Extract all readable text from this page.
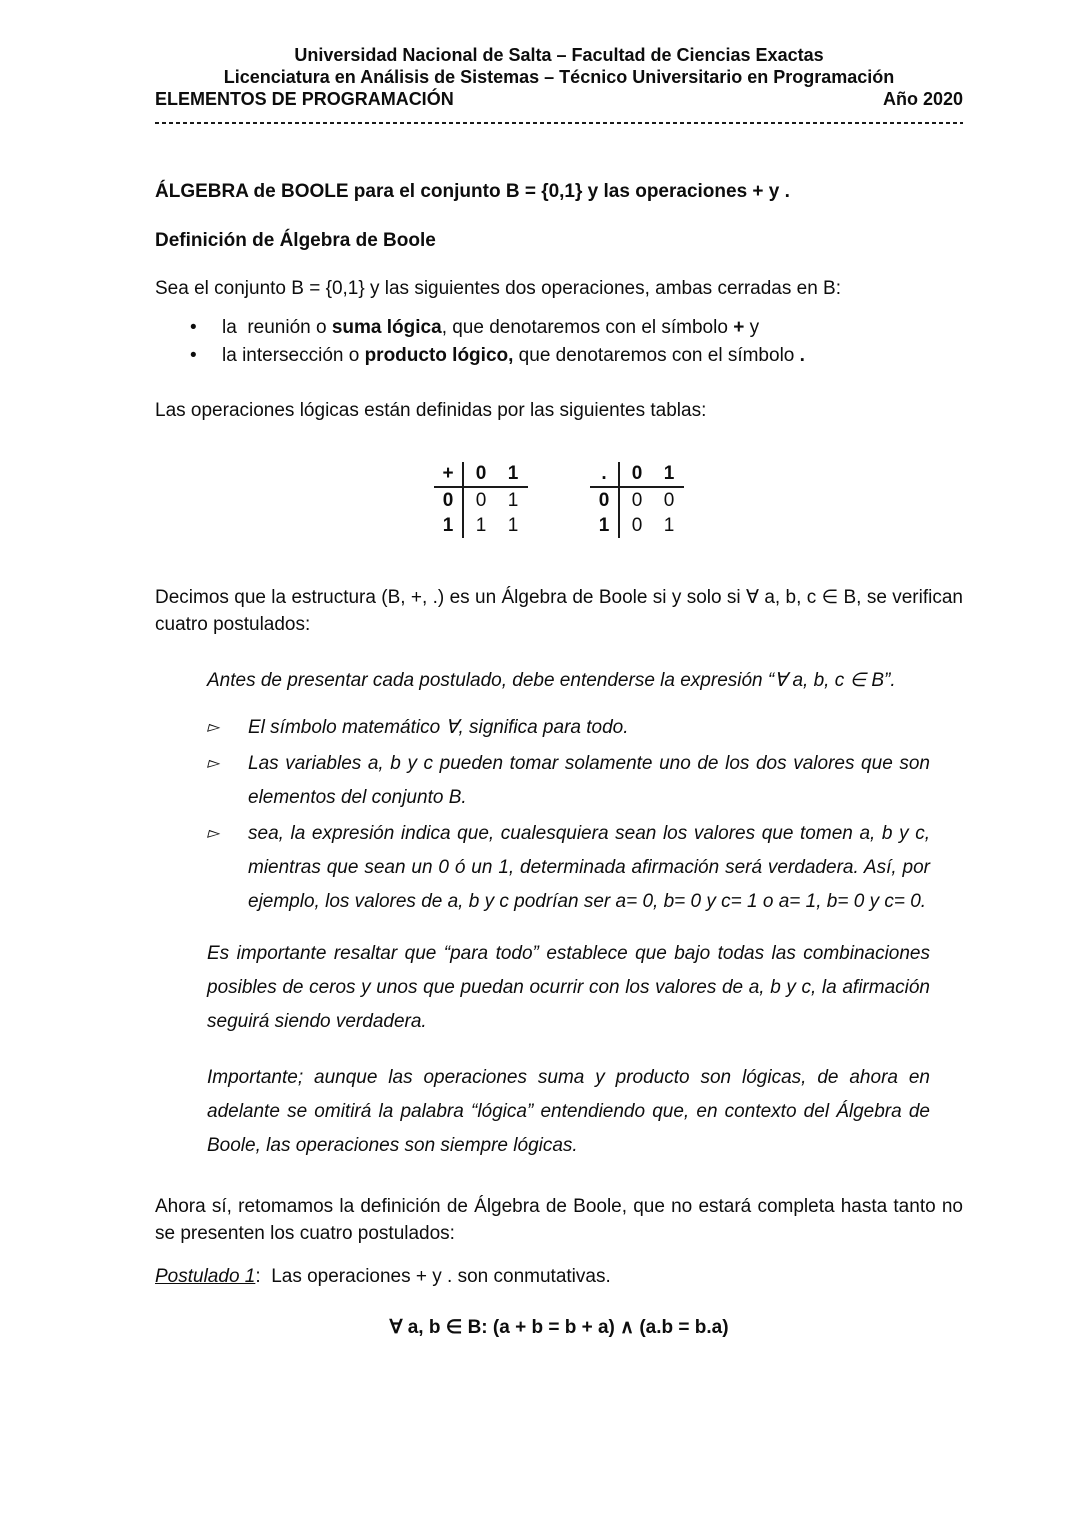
Universidad Nacional de Salta – Facultad de Ciencias Exactas
Licenciatura en Análisis de Sistemas – Técnico Universitario en Programación
ELEMENTOS DE PROGRAMACIÓN	Año 2020
ÁLGEBRA de BOOLE para el conjunto B = {0,1} y las operaciones + y .
Definición de Álgebra de Boole

Sea el conjunto B = {0,1} y las siguientes dos operaciones, ambas cerradas en B:

•	la  reunión o suma lógica, que denotaremos con el símbolo + y
•	la intersección o producto lógico, que denotaremos con el símbolo .

Las operaciones lógicas están definidas por las siguientes tablas:

+	0	1
0	0	1
1	1	1
.	0	1
0	0	0
1	0	1

Decimos que la estructura (B, +, .) es un Álgebra de Boole si y solo si ∀ a, b, c ∈ B, se verifican cuatro postulados:

Antes de presentar cada postulado, debe entenderse la expresión “∀ a, b, c ∈ B”.
▻	El símbolo matemático ∀, significa para todo.
▻	Las variables a, b y c pueden tomar solamente uno de los dos valores que son elementos del conjunto B.
▻	sea, la expresión indica que, cualesquiera sean los valores que tomen a, b y c, mientras que sean un 0 ó un 1, determinada afirmación será verdadera. Así, por ejemplo, los valores de a, b y c podrían ser a= 0, b= 0 y c= 1 o a= 1, b= 0 y c= 0.
Es importante resaltar que “para todo” establece que bajo todas las combinaciones posibles de ceros y unos que puedan ocurrir con los valores de a, b y c, la afirmación seguirá siendo verdadera.
Importante; aunque las operaciones suma y producto son lógicas, de ahora en adelante se omitirá la palabra “lógica” entendiendo que, en contexto del Álgebra de Boole, las operaciones son siempre lógicas.

Ahora sí, retomamos la definición de Álgebra de Boole, que no estará completa hasta tanto no se presenten los cuatro postulados:

Postulado 1:  Las operaciones + y . son conmutativas.
∀ a, b ∈ B: (a + b = b + a) ∧ (a.b = b.a)
